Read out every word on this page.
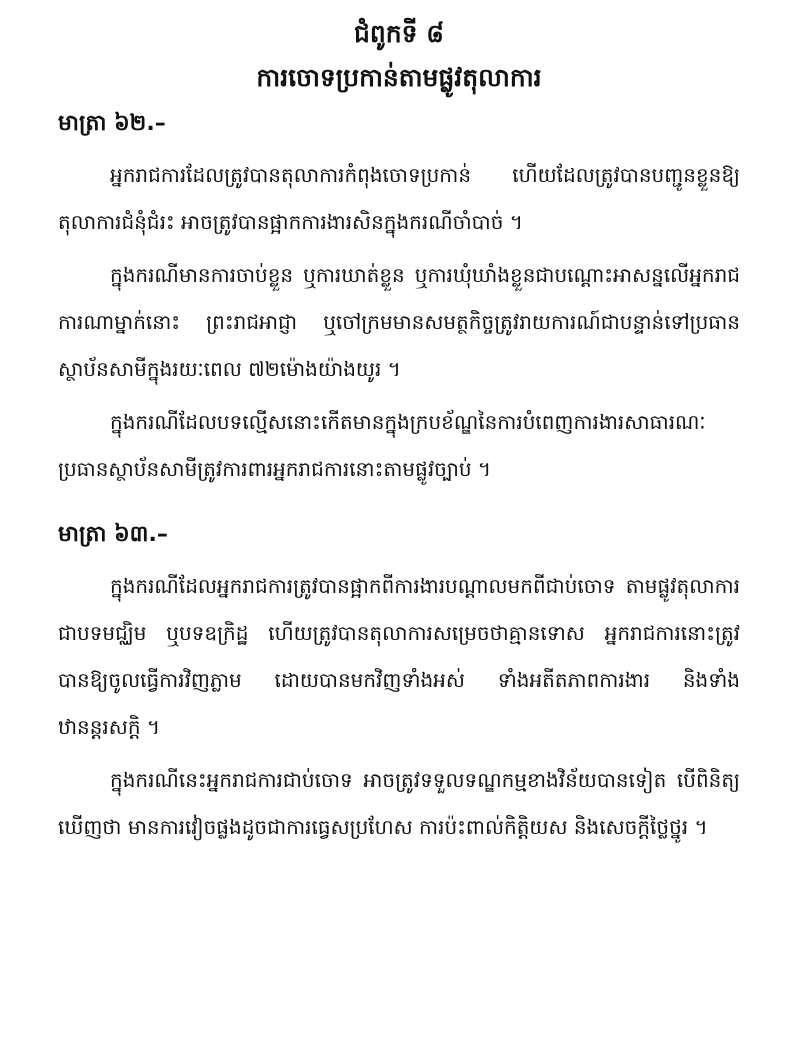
ជំពូកទី ៨
ការចោទប្រកាន់តាមផ្លូវតុលាការ
មាត្រា ៦២.–

អ្នករាជការដែលត្រូវបានតុលាការកំពុងចោទប្រកាន់ ហើយដែលត្រូវបានបញ្ជូនខ្លួនឱ្យតុលាការជំនុំជំរះ អាចត្រូវបានផ្អាកការងារសិនក្នុងករណីចាំបាច់ ។

ក្នុងករណីមានការចាប់ខ្លួន ឬការឃាត់ខ្លួន ឬការឃុំឃាំងខ្លួនជាបណ្ដោះអាសន្នលើអ្នករាជការណាម្នាក់នោះ ព្រះរាជអាជ្ញា ឬចៅក្រមមានសមត្ថកិច្ចត្រូវរាយការណ៍ជាបន្ទាន់ទៅប្រធានស្ថាប័នសាមីក្នុងរយៈពេល ៧២ម៉ោងយ៉ាងយូរ ។

ក្នុងករណីដែលបទល្មើសនោះកើតមានក្នុងក្របខ័ណ្ឌនៃការបំពេញការងារសាធារណៈ ប្រធានស្ថាប័នសាមីត្រូវការពារអ្នករាជការនោះតាមផ្លូវច្បាប់ ។

មាត្រា ៦៣.–

ក្នុងករណីដែលអ្នករាជការត្រូវបានផ្អាកពីការងារបណ្ដាលមកពីជាប់ចោទ តាមផ្លូវតុលាការជាបទមជ្ឈិម ឬបទឧក្រិដ្ឋ ហើយត្រូវបានតុលាការសម្រេចថាគ្មានទោស អ្នករាជការនោះត្រូវបានឱ្យចូលធ្វើការវិញភ្លាម ដោយបានមកវិញទាំងអស់ ទាំងអតីតភាពការងារ និងទាំងឋានន្តរសក្តិ ។

ក្នុងករណីនេះអ្នករាជការជាប់ចោទ អាចត្រូវទទួលទណ្ឌកម្មខាងវិន័យបានទៀត បើពិនិត្យឃើញថា មានការវៀចផ្លងដូចជាការធ្វេសប្រហែស ការប៉ះពាល់កិត្តិយស និងសេចក្ដីថ្លៃថ្នូរ ។
